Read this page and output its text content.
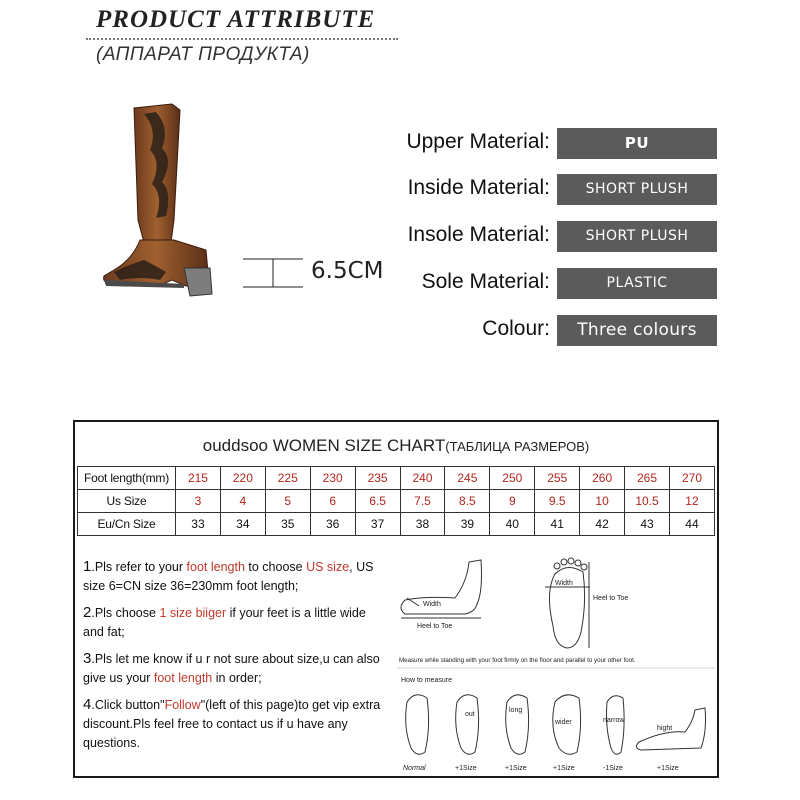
PRODUCT ATTRIBUTE
(АППАРАТ ПРОДУКТА)
6.5CM
Upper Material:	PU
Inside Material:	SHORT PLUSH
Insole Material:	SHORT PLUSH
Sole Material:	PLASTIC
Colour:	Three colours
ouddsoo WOMEN SIZE CHART(ТАБЛИЦА РАЗМЕРОВ)
Foot length(mm)	215	220	225	230	235	240	245	250	255	260	265	270
Us Size	3	4	5	6	6.5	7.5	8.5	9	9.5	10	10.5	12
Eu/Cn Size	33	34	35	36	37	38	39	40	41	42	43	44

1.Pls refer to your foot length to choose US size, US size 6=CN size 36=230mm foot length;

2.Pls choose 1 size biiger if your feet is a little wide and fat;

3.Pls let me know if u r not sure about size,u can also give us your foot length in order;

4.Click button"Follow"(left of this page)to get vip extra discount.Pls feel free to contact us if u have any questions.

Width
Heel to Toe
Width
Heel to Toe
Measure while standing with your foot firmly on the floor and parallel to your other foot.
How to measure
out
long
wider	narrow
hight
Normal	+1Size	+1Size	+1Size	-1Size	+1Size
